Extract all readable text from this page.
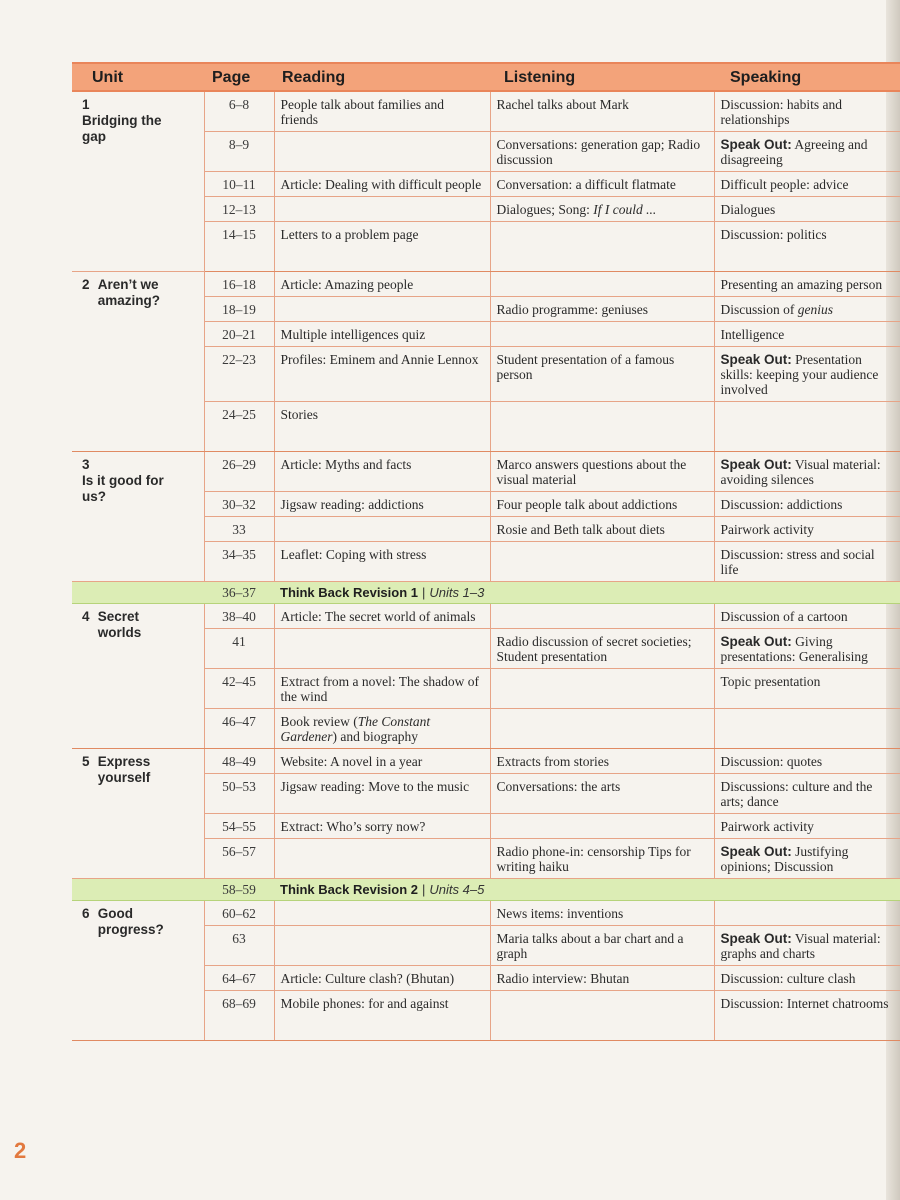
Unit	Page	Reading	Listening	Speaking
1 Bridging the gap	6–8	People talk about families and friends	Rachel talks about Mark	Discussion: habits and relationships
	8–9		Conversations: generation gap; Radio discussion	Speak Out: Agreeing and disagreeing
	10–11	Article: Dealing with difficult people	Conversation: a difficult flatmate	Difficult people: advice
	12–13		Dialogues; Song: If I could ...	Dialogues
	14–15	Letters to a problem page		Discussion: politics
2 Aren’t we amazing?	16–18	Article: Amazing people		Presenting an amazing person
	18–19		Radio programme: geniuses	Discussion of genius
	20–21	Multiple intelligences quiz		Intelligence
	22–23	Profiles: Eminem and Annie Lennox	Student presentation of a famous person	Speak Out: Presentation skills: keeping your audience involved
	24–25	Stories		
3 Is it good for us?	26–29	Article: Myths and facts	Marco answers questions about the visual material	Speak Out: Visual material: avoiding silences
	30–32	Jigsaw reading: addictions	Four people talk about addictions	Discussion: addictions
	33		Rosie and Beth talk about diets	Pairwork activity
	34–35	Leaflet: Coping with stress		Discussion: stress and social life
	36–37	Think Back Revision 1 | Units 1–3		
4 Secret worlds	38–40	Article: The secret world of animals		Discussion of a cartoon
	41		Radio discussion of secret societies; Student presentation	Speak Out: Giving presentations: Generalising
	42–45	Extract from a novel: The shadow of the wind		Topic presentation
	46–47	Book review (The Constant Gardener) and biography		
5 Express yourself	48–49	Website: A novel in a year	Extracts from stories	Discussion: quotes
	50–53	Jigsaw reading: Move to the music	Conversations: the arts	Discussions: culture and the arts; dance
	54–55	Extract: Who’s sorry now?		Pairwork activity
	56–57		Radio phone-in: censorship Tips for writing haiku	Speak Out: Justifying opinions; Discussion
	58–59	Think Back Revision 2 | Units 4–5		
6 Good progress?	60–62		News items: inventions	
	63		Maria talks about a bar chart and a graph	Speak Out: Visual material: graphs and charts
	64–67	Article: Culture clash? (Bhutan)	Radio interview: Bhutan	Discussion: culture clash
	68–69	Mobile phones: for and against		Discussion: Internet chatrooms
2
